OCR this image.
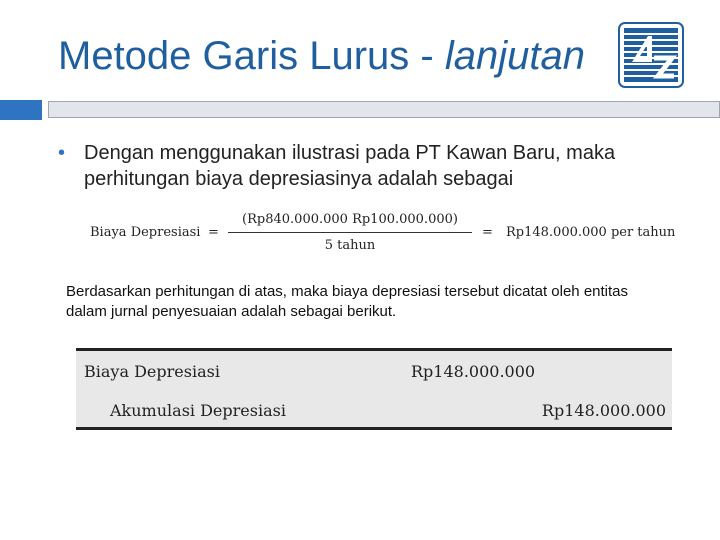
Metode Garis Lurus - lanjutan
• Dengan menggunakan ilustrasi pada PT Kawan Baru, maka perhitungan biaya depresiasinya adalah sebagai
Biaya Depresiasi =
(Rp840.000.000 Rp100.000.000)
5 tahun
= Rp148.000.000 per tahun
Berdasarkan perhitungan di atas, maka biaya depresiasi tersebut dicatat oleh entitas dalam jurnal penyesuaian adalah sebagai berikut.
Biaya Depresiasi	Rp148.000.000
Akumulasi Depresiasi	Rp148.000.000
